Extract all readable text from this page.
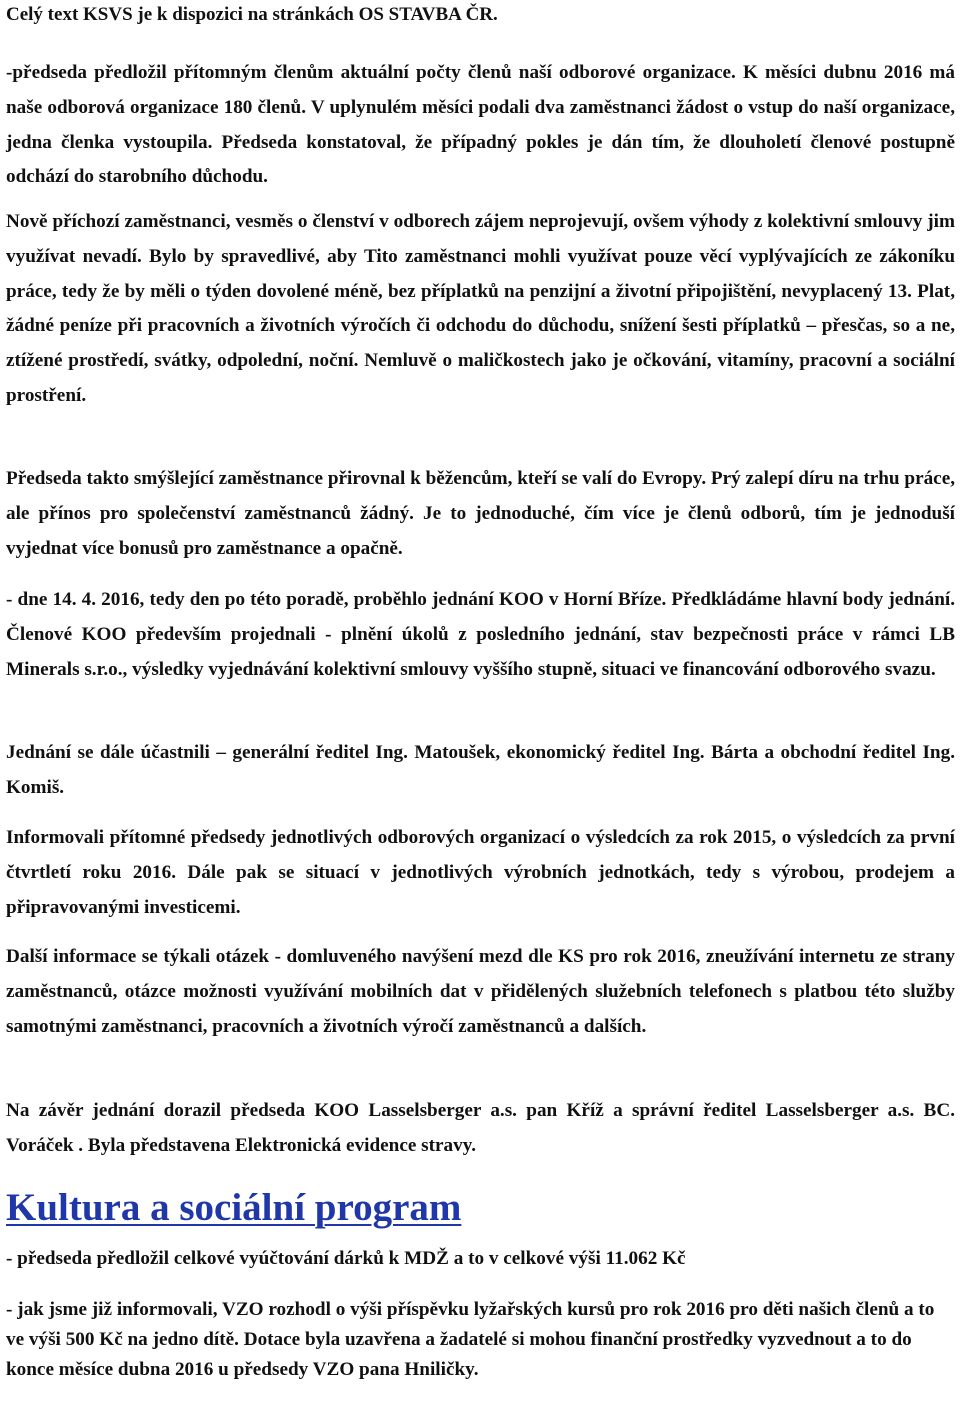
Celý text KSVS je k dispozici na stránkách OS STAVBA ČR.

-předseda předložil přítomným členům aktuální počty členů naší odborové organizace. K měsíci dubnu 2016 má naše odborová organizace 180 členů. V uplynulém měsíci podali dva zaměstnanci žádost o vstup do naší organizace, jedna členka vystoupila. Předseda konstatoval, že případný pokles je dán tím, že dlouholetí členové postupně odchází do starobního důchodu.

Nově příchozí zaměstnanci, vesměs o členství v odborech zájem neprojevují, ovšem výhody z kolektivní smlouvy jim využívat nevadí. Bylo by spravedlivé, aby Tito zaměstnanci mohli využívat pouze věcí vyplývajících ze zákoníku práce, tedy že by měli o týden dovolené méně, bez příplatků na penzijní a životní připojištění, nevyplacený 13. Plat, žádné peníze při pracovních a životních výročích či odchodu do důchodu, snížení šesti příplatků – přesčas, so a ne, ztížené prostředí, svátky, odpolední, noční. Nemluvě o maličkostech jako je očkování, vitamíny, pracovní a sociální prostření.

Předseda takto smýšlející zaměstnance přirovnal k běžencům, kteří se valí do Evropy. Prý zalepí díru na trhu práce, ale přínos pro společenství zaměstnanců žádný. Je to jednoduché, čím více je členů odborů, tím je jednoduší vyjednat více bonusů pro zaměstnance a opačně.

- dne 14. 4. 2016, tedy den po této poradě, proběhlo jednání KOO v Horní Bříze. Předkládáme hlavní body jednání. Členové KOO především projednali - plnění úkolů z posledního jednání, stav bezpečnosti práce v rámci LB Minerals s.r.o., výsledky vyjednávání kolektivní smlouvy vyššího stupně, situaci ve financování odborového svazu.

Jednání se dále účastnili – generální ředitel Ing. Matoušek, ekonomický ředitel Ing. Bárta a obchodní ředitel Ing. Komiš.

Informovali přítomné předsedy jednotlivých odborových organizací o výsledcích za rok 2015, o výsledcích za první čtvrtletí roku 2016. Dále pak se situací v jednotlivých výrobních jednotkách, tedy s výrobou, prodejem a připravovanými investicemi.

Další informace se týkali otázek - domluveného navýšení mezd dle KS pro rok 2016, zneužívání internetu ze strany zaměstnanců, otázce možnosti využívání mobilních dat v přidělených služebních telefonech s platbou této služby samotnými zaměstnanci, pracovních a životních výročí zaměstnanců a dalších.

Na závěr jednání dorazil předseda KOO Lasselsberger a.s. pan Kříž a správní ředitel Lasselsberger a.s. BC. Voráček . Byla představena Elektronická evidence stravy.

Kultura a sociální program

- předseda předložil celkové vyúčtování dárků k MDŽ a to v celkové výši 11.062 Kč

- jak jsme již informovali, VZO rozhodl o výši příspěvku lyžařských kursů pro rok 2016 pro děti našich členů a to ve výši 500 Kč na jedno dítě. Dotace byla uzavřena a žadatelé si mohou finanční prostředky vyzvednout a to do konce měsíce dubna 2016 u předsedy VZO pana Hniličky.
